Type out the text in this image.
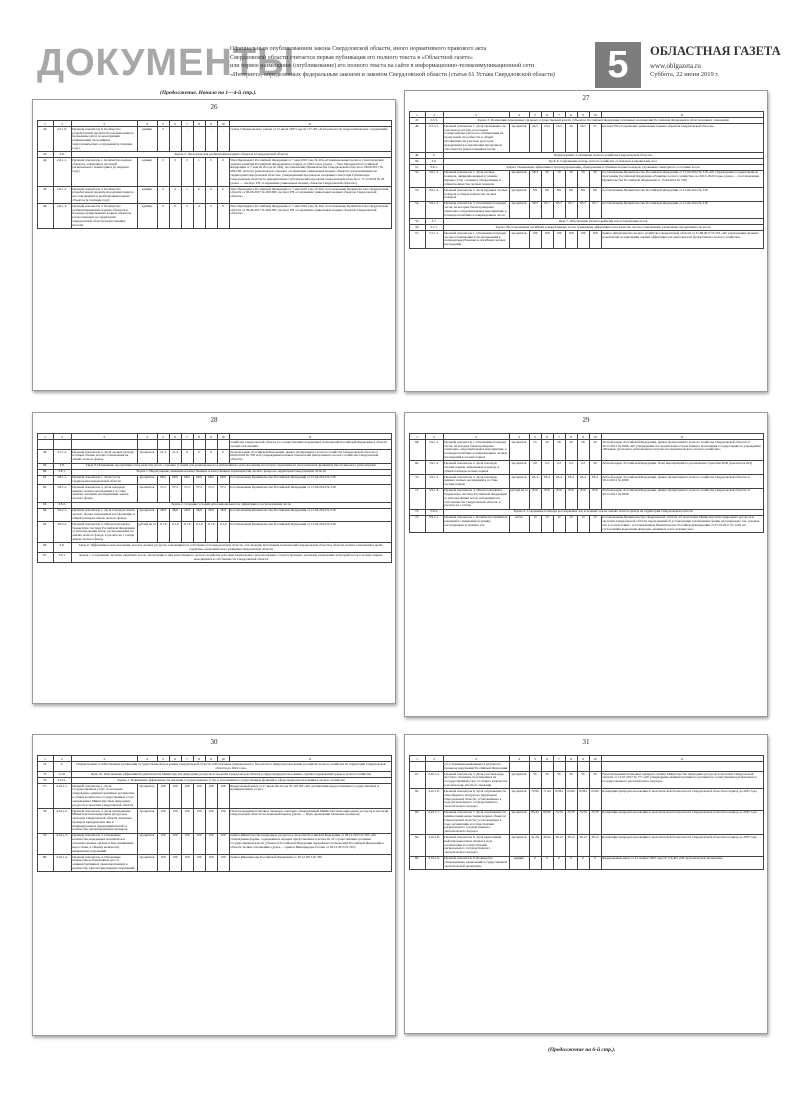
ДОКУМЕНТЫ
Официальным опубликованием закона Свердловской области, иного нормативного правового акта
Свердловской области считается первая публикация его полного текста в «Областной газете»
или первое размещение (опубликование) его полного текста на сайте в информационно-телекоммуникационной сети
«Интернет», определенных федеральным законом и законом Свердловской области (статья 61 Устава Свердловской области)	5	ОБЛАСТНАЯ ГАЗЕТА
www.oblgazeta.ru
Суббота, 22 июня 2019 г.
(Продолжение. Начало на 1—4-й стр.).
26
1	2	3	4	5	6	7	8	9	10	11
42.	2.5.1.6.	Целевой показатель 6. Количество разработанной проектной документации на проведение работ по консервации (ликвидации) бесхозяйных гидротехнических сооружений (в текущем году)	единиц	3	-	-	-	-	-	статья 5 Федерального закона от 21 июля 1997 года № 117-ФЗ «О безопасности гидротехнических сооружений»
43.	2.6.	Задача 2. Экологическая реабилитация водных объектов в Свердловской области								
44.	2.6.1.1.	Целевой показатель 1. Количество водных объектов, охваченных системой регионального мониторинга (в текущем году)	единиц	3	3	3	1	0	0	Указ Президента Российской Федерации от 7 мая 2018 года № 204 «О национальных целях и стратегических задачах развития Российской Федерации на период до 2024 года» (далее — Указ Президента Российской Федерации от 7 мая 2018 года № 204), постановление Правительства Свердловской области от 06.06.2017 № 409-ПП, паспорт регионального проекта «Сохранение уникальных водных объектов, расположенных на территории Свердловской области», утвержденный протоколом заседания Совета при Губернаторе Свердловской области по приоритетным стратегическим проектам Свердловской области от 17.12.2018 № 26 (далее — паспорт РП «Сохранение уникальных водных объектов Свердловской области»)
45.	2.6.1.2.	Целевой показатель 2. Количество разработанной проектной документации по восстановлению и реабилитации водных объектов (в текущем году)	единиц	3	4	1	0	0	0	Указ Президента Российской Федерации от 7 мая 2018 года № 204, постановление Правительства Свердловской области от 06.06.2017 № 409-ПП, паспорт РП «Сохранение уникальных водных объектов Свердловской области»
46.	2.6.1.3.	Целевой показатель 3. Количество реабилитированных водных объектов и площадь нумерованных водных объектов, расположенных на территории Свердловской области (нарастающим итогом)	единиц	0	0	2	4	5	6	Указ Президента Российской Федерации от 7 мая 2018 года № 204, постановление Правительства Свердловской области от 06.06.2017 № 409-ПП, паспорт РП «Сохранение уникальных водных объектов Свердловской области»
27
1	2	3	4	5	6	7	8	9	10	11
47.	2.5.3.	Задача 3. Реализация переданных органам государственной власти субъектов Российской Федерации отдельных полномочий Российской Федерации в области водных отношений								
48.	2.5.3.1.	Целевой показатель 1. Доля протяженности участков русел рек, на которых осуществлены работы по оптимизации их пропускной способности, к общей протяженности участков русел рек, нуждающихся в увеличении пропускной способности (нарастающим итогом)	процентов	24,5	25,0	25,5	26	26,5	27	паспорт РП «Сохранение уникальных водных объектов Свердловской области»
49.	3.	Подпрограмма 3 «Развитие лесного хозяйства Свердловской области»								
50.	3.6.	Цель 6. Сокращение потерь лесного хозяйства от пожаров и вредителей леса								
51.	3.6.1.	Задача. Повышение эффективности предупреждения, обнаружения и тушения лесных пожаров, улучшение санитарного состояния лесов								
52.	3.6.1.1.	Целевой показатель 1. Доля лесных пожаров, ликвидированных в течение первых суток с момента обнаружения, в общем количестве лесных пожаров	процентов	58,4	59	59	59	59	59	постановление Правительства Российской Федерации от 15.04.2014 № 318 «Об утверждении государственной программы Российской Федерации «Развитие лесного хозяйства» на 2013–2020 годы» (далее — постановление Правительства Российской Федерации от 15.04.2014 № 318)
53.	3.6.1.2.	Целевой показатель 2. Доля крупных лесных пожаров в общем количестве лесных пожаров	процентов	8,9	8,6	8,6	8,6	8,6	8,6	постановление Правительства Российской Федерации от 15.04.2014 № 318
54.	3.6.1.3.	Целевой показатель 3. Отношение площади лесов, на которых были проведены санитарно-оздоровительные мероприятия, к площади погибших и поврежденных лесов	процентов	36,5	95,7	95,7	95,7	95,7	95,7	постановление Правительства Российской Федерации от 15.04.2014 № 318
55.	3.7.	Цель 7. Обеспечение баланса выбытия и восстановления лесов								
56.	3.7.1.	Задача. Восстановление погибших и вырубленных лесов, повышение эффективности и качества лесовосстановления, увеличение продуктивности лесов								
57.	3.7.1.1.	Целевой показатель 1. Отношение площади лесовосстановления и лесоразведения к площади вырубленных и погибших лесных насаждений	процентов	100	100	100	100	100	100	приказ Департамента лесного хозяйства Свердловской области от 31.08.2017 № 552 «Об утверждении целевых показателей по критериям оценки эффективности деятельности Департамента лесного хозяйства»
28
1	2	3	4	5	6	7	8	9	10	11
										хозяйства Свердловской области по осуществлению переданных полномочий Российской Федерации в области лесных отношений»
58.	3.7.1.2.	Целевой показатель 2. Доля лесных культур в общем объеме лесовосстановления на землях лесного фонда	процентов	21,4	21,4	0	0	0	0	Лесной кодекс Российской Федерации, приказ Департамента лесного хозяйства Свердловской области от 06.06.2016 № 358 «Об утверждении целевых показателей Департамента лесного хозяйства Свердловской области»
59.	3.8.	Цель 8. Повышение продуктивности и качества лесов, создание условий для рационального и интенсивного использования лесов при сохранении их экологических функций и биологического разнообразия								
60.	3.8.1.	Задача 1. Недопущение снижения количественных и качественных характеристик лесного фонда на территории Свердловской области								
61.	3.8.1.1.	Целевой показатель 1. Лесистость территории Свердловской области	процентов	68,6	68,6	68,6	68,6	68,6	68,6	постановление Правительства Российской Федерации от 15.04.2014 № 318
62.	3.8.1.2.	Целевой показатель 2. Доля площади ценных лесных насаждений в составе занятых лесными насаждениями земель лесного фонда	процентов	57,2	57,2	57,2	57,2	57,2	57,2	постановление Правительства Российской Федерации от 15.04.2014 № 318
63.	3.8.2.	Задача 2. Создание условий для рационального и эффективного использования лесов								
64.	3.8.2.1.	Целевой показатель 1. Доля площади земель лесного фонда, переданных в пользование, в общей площади земель лесного фонда	процентов	28,8	28,8	28,8	28,8	28,8	28,8	постановление Правительства Российской Федерации от 15.04.2014 № 318
65.	3.8.2.2.	Целевой показатель 2. Объем платежей в бюджетную систему Российской Федерации от использования лесов, расположенных на землях лесного фонда, в расчете на 1 гектар земель лесного фонда	рублей на га	111,9	111,9	111,9	111,9	111,9	111,9	постановление Правительства Российской Федерации от 15.04.2014 № 318
66.	3.9.	Цель 9. Эффективное использование лесов и лесных ресурсов, находящихся в собственности Свердловской области, обеспечение исполнения полномочий Свердловской области в области лесных отношений в целях социально-экономического развития Свердловской области								
67.	3.9.1.	Задача 1. Сохранение системы защитных лесов, обеспечение в них качественного лесного хозяйства и их неистощительного использования, соответствующего целевому назначению категорий лесов в лесных парках, находящихся в собственности Свердловской области								
29
1	2	3	4	5	6	7	8	9	10	11
68.	3.9.1.1.	Целевой показатель 1. Отношение площади лесов, на которых были проведены санитарно-оздоровительные мероприятия, к площади погибших и поврежденных лесных насаждений в лесных парках	процентов	25	26	26	26	26	26	Лесной кодекс Российской Федерации, приказ Департамента лесного хозяйства Свердловской области от 30.12.2011 № 2096 «Об утверждении последовательности регламента исполнения государственного учреждения «Вечевые уральского регионального научно-исследовательского лесного хозяйства»
69.	3.9.1.2.	Целевой показатель 2. Доля площади лесных парков, переданных в аренду, в общей площади лесных парков	процентов	2,0	2,2	2,2	2,2	2,2	3,0	Лесной кодекс Российской Федерации, План мероприятий по реализации Стратегии 2030 (показатель 601)
70.	3.9.1.3.	Целевой показатель 3. Доля площади ценных лесных насаждений в составе лесных парков	процентов	85,3	85,4	85,4	85,4	85,4	85,4	Лесной кодекс Российской Федерации, приказ Департамента лесного хозяйства Свердловской области от 30.12.2011 № 2096
71.	3.9.1.4.	Целевой показатель 4. Объем платежей в бюджетную систему Российской Федерации от использования лесов, находящихся в собственности Свердловской области, в расчете на 1 гектар	рублей на га	850	850	850	850	850	850	Лесной кодекс Российской Федерации, приказ Департамента лесного хозяйства Свердловской области от 30.12.2011 № 2096
72.	3.9.2.	Задача 2. Сохранение площади лесопарковых зон и зеленых зон на землях лесного фонда на территории Свердловской области								
73.	3.9.2.1.	Целевой показатель 1. Количество принятых решений по изменению (границ) лесопарковых и зеленых зон	штук	12	12	12	12	12	12	постановление Правительства Свердловской области «О подготовке Министерством природных ресурсов и экологии Свердловской области предложений об установлении и изменении границ лесопарковых зон, зеленых зон в соответствии с постановлением Правительства Российской Федерации от 07.10.2017 № 1219 «О согласовании выделения природно-значимых зон и зеленых зон»
30
1	2	3	4	5	6	7	8	9	10	11
74.	4.	Подпрограмма 4 «Обеспечение реализации государственной программы Свердловской области «Обеспечение рационального, безопасного природопользования и развитие лесного хозяйства на территории Свердловской области до 2024 года»								
75.	4.10.	Цель 10. Обеспечение эффективной деятельности Министерства природных ресурсов и экологии Свердловской области в сфере природопользования, охраны окружающей среды и лесного хозяйства								
76.	4.10.1.	Задача 1. Повышение эффективности оказания государственных услуг и исполнения государственных функций в сфере природопользования и лесного хозяйства								
77.	4.10.1.1.	Целевой показатель 1. Доля государственных услуг, по которым утверждены административные регламенты, в общем количестве государственных услуг, оказываемых Министерством природных ресурсов и экологии Свердловской области	процентов	100	100	100	100	100	100	Федеральный закон от 27 июля 2010 года № 210-ФЗ «Об организации предоставления государственных и муниципальных услуг»
78.	4.10.1.2.	Целевой показатель 2. Доля проведенных Министерством природных ресурсов и экологии Свердловской области плановых проверок юридических лиц и индивидуальных предпринимателей от количества запланированных проверок	процентов	100	100	100	100	100	100	План проведения плановых проверок, ежегодно утверждаемый Министерством природных ресурсов и экологии Свердловской области на плановый период (далее — План проведения плановых проверок)
79.	4.10.1.3.	Целевой показатель 3. Отношение количества переданных материалов в уполномоченные органы и лиц, выявивших недостатки, к общему количеству выявленных нарушений	процентов	100	100	100	100	100	100	приказ Министерства природных ресурсов и экологии Российской Федерации от 28.12.2015 № 565 «Об утверждении формы, содержания и порядка представления отчетности об осуществлении органами государственной власти субъектов Российской Федерации переданных полномочий Российской Федерации в области лесных отношений» (далее — приказ Минприроды России от 28.12.2015 № 565)
80.	4.10.1.4.	Целевой показатель 4. Отношение количества возбужденных дел об административных правонарушениях к количеству зарегистрированных нарушений	процентов	100	100	100	100	100	100	приказ Минприроды Российской Федерации от 28.12.2015 № 565
31
1	2	3	4	5	6	7	8	9	10	11
		об устранении выявленных в результате проверок нарушений Российской Федерации								
81.	4.10.1.5.	Целевой показатель 5. Доля участков недр местного значения, поставленных на государственный учет, от общего количества участков недр местного значения	процентов	50	50	50	50	50	50	План проведения плановых проверок, приказ Министерства природных ресурсов и экологии Свердловской области от 12.07.2017 № 777 «Об утверждении административного регламента осуществления регионального государственного экологического надзора»
82.	4.10.1.6.	Целевой показатель 6. Доля загрязненности атмосферного воздуха на территории Свердловской области, установленных в ходе регионального государственного экологического надзора	процентов	72,96	71,44	63,84	63,84	63,84	63,84	Концепция природопользования и экологической безопасности Свердловской области на период до 2035 года
83.	4.10.1.7.	Целевой показатель 7. Доля загрязненности химическими веществами водных объектов Свердловской области, установленных в ходе организации и осуществления регионального государственного экологического надзора	процентов	85,44	80,96	74,76	74,76	74,76	74,76	Концепция природопользования и экологической безопасности Свердловской области на период до 2035 года
84.	4.10.1.8.	Целевой показатель 8. Доля выполнения нефтепромысловых планов в ходе организации и осуществления регионального государственного экологического надзора	процентов	41,28	40,42	36,12	36,12	36,12	36,12	Концепция природопользования и экологической безопасности Свердловской области на период до 2035 года
85.	4.10.1.9.	Целевой показатель 9. Количество утвержденных заключений государственной экологической экспертизы	единиц	0	0	0	0	0	0	Федеральный закон от 23 ноября 1995 года № 174-ФЗ «Об экологической экспертизе»
(Продолжение на 6-й стр.).
